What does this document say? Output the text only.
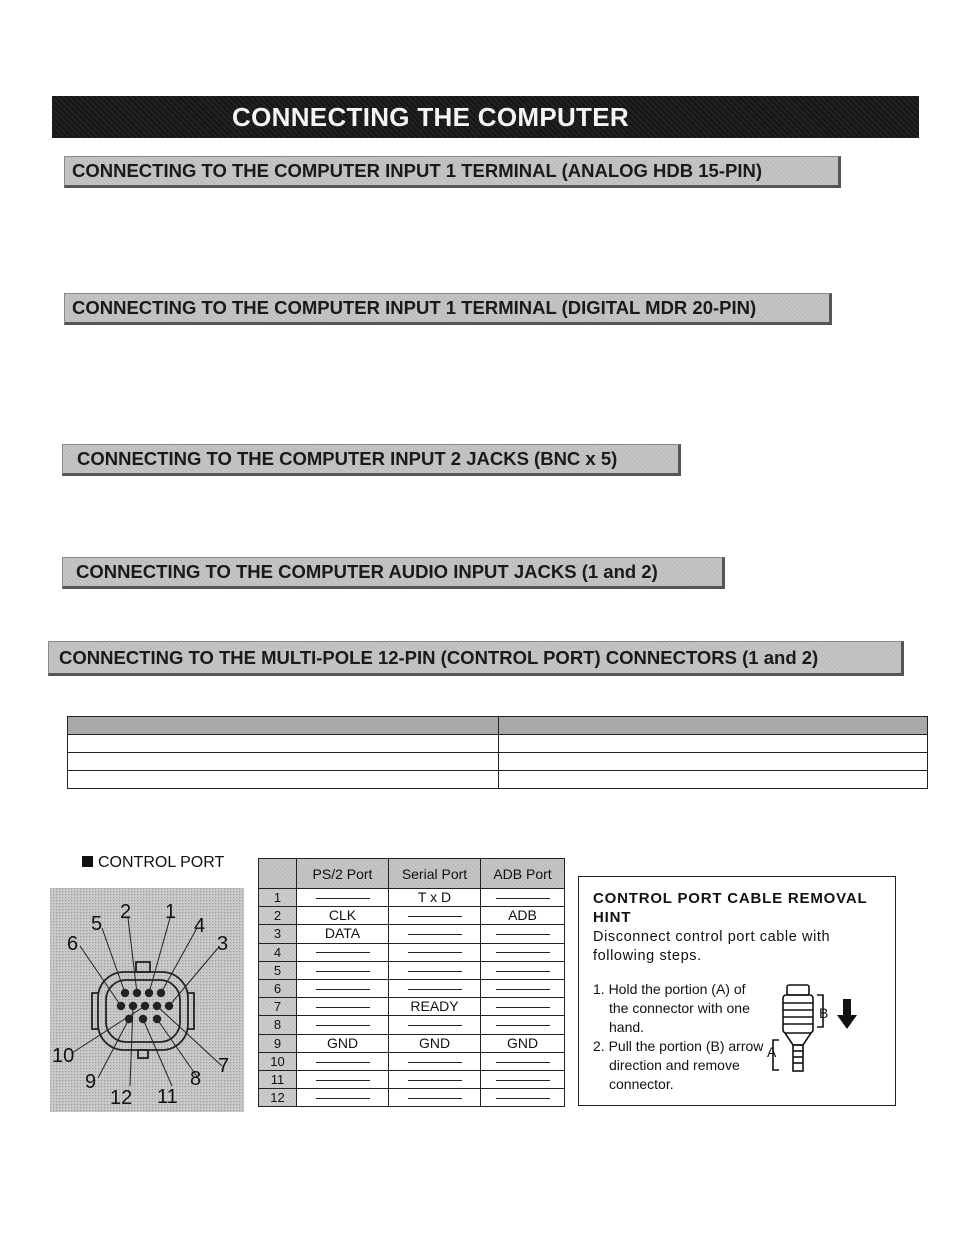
CONNECTING THE COMPUTER
CONNECTING TO THE COMPUTER INPUT 1 TERMINAL (ANALOG HDB 15-PIN)
CONNECTING TO THE COMPUTER INPUT 1 TERMINAL (DIGITAL MDR 20-PIN)
CONNECTING TO THE COMPUTER INPUT 2 JACKS (BNC x 5)
CONNECTING TO THE COMPUTER AUDIO INPUT JACKS (1 and 2)
CONNECTING TO THE MULTI-POLE 12-PIN (CONTROL PORT) CONNECTORS (1 and 2)

CONTROL PORT
1
2
3
4
5
6
7
8
9
10
11
12
	PS/2 Port	Serial Port	ADB Port
1		T x D	
2	CLK		ADB
3	DATA		
4			
5			
6			
7		READY	
8			
9	GND	GND	GND
10			
11			
12			
CONTROL PORT CABLE REMOVAL HINT
Disconnect control port cable with following steps.
1. Hold the portion (A) of the connector with one hand.
2. Pull the portion (B) arrow direction and remove connector.
B
A
